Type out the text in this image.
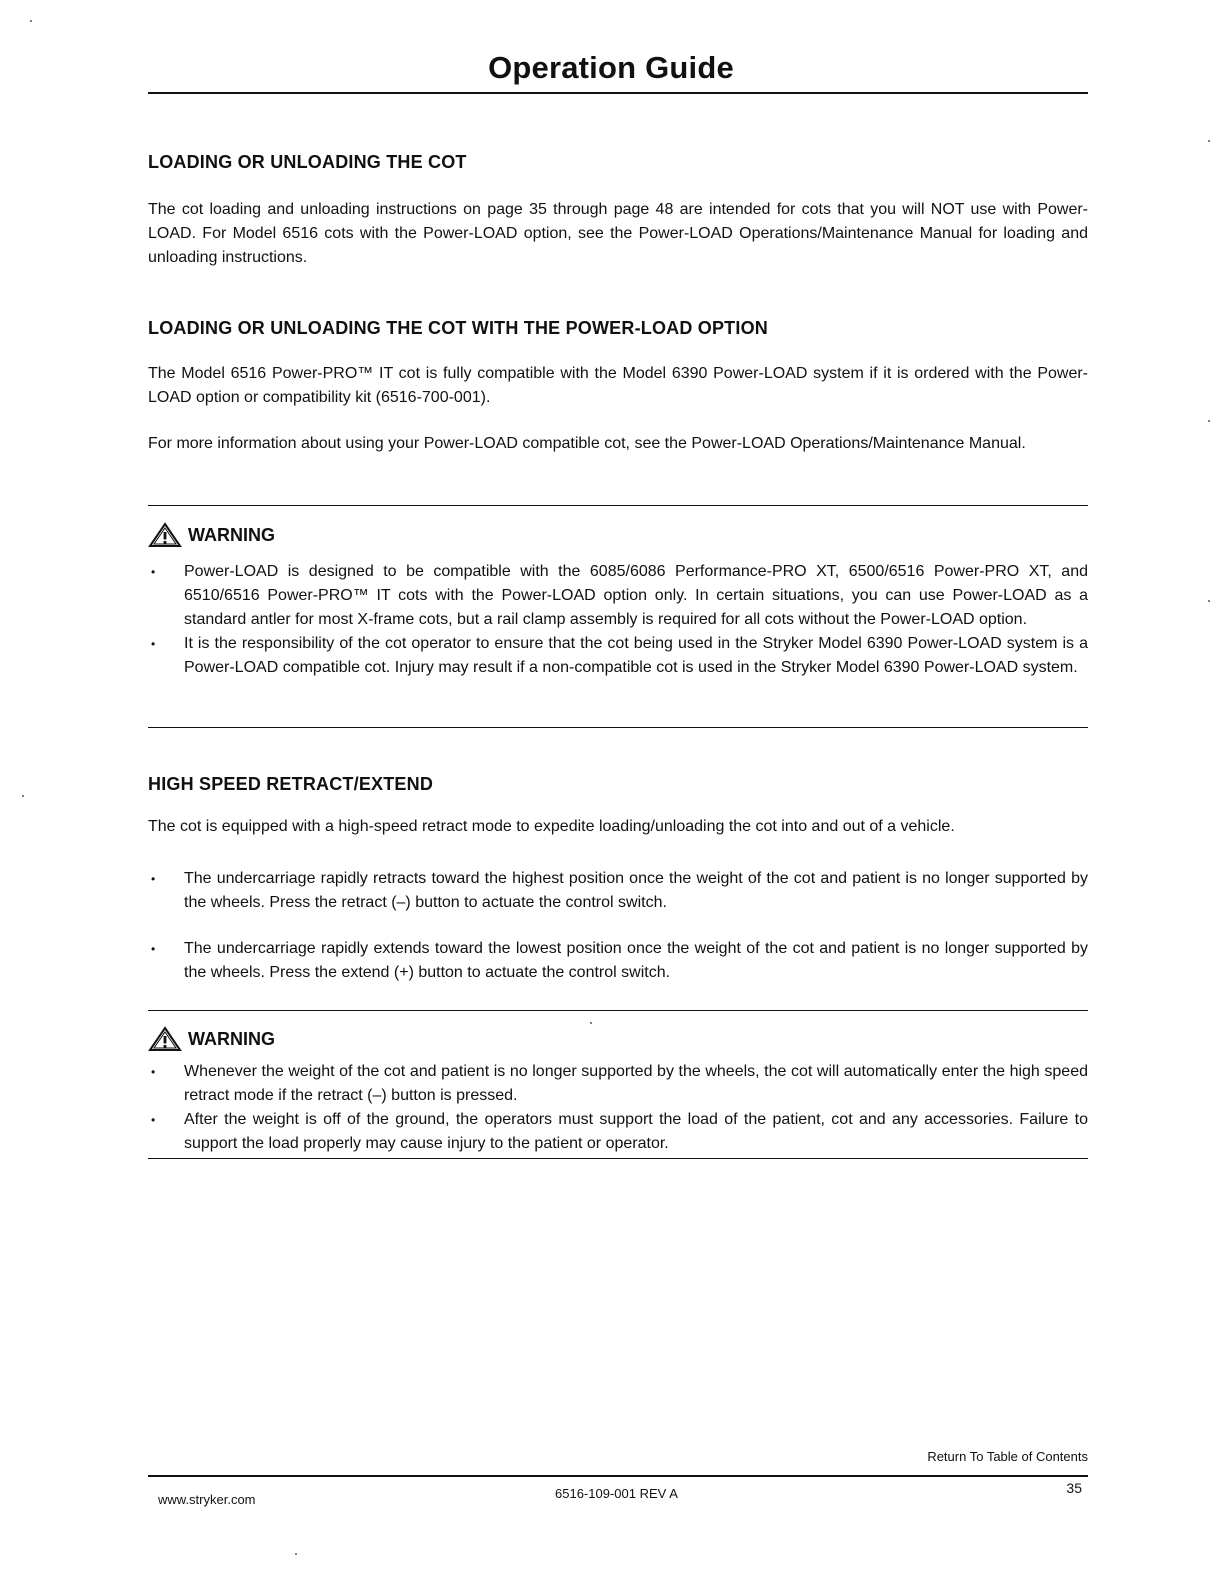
Operation Guide
LOADING OR UNLOADING THE COT
The cot loading and unloading instructions on page 35 through page 48 are intended for cots that you will NOT use with Power-LOAD. For Model 6516 cots with the Power-LOAD option, see the Power-LOAD Operations/Maintenance Manual for loading and unloading instructions.
LOADING OR UNLOADING THE COT WITH THE POWER-LOAD OPTION
The Model 6516 Power-PRO™ IT cot is fully compatible with the Model 6390 Power-LOAD system if it is ordered with the Power-LOAD option or compatibility kit (6516-700-001).
For more information about using your Power-LOAD compatible cot, see the Power-LOAD Operations/Maintenance Manual.
WARNING
• Power-LOAD is designed to be compatible with the 6085/6086 Performance-PRO XT, 6500/6516 Power-PRO XT, and 6510/6516 Power-PRO™ IT cots with the Power-LOAD option only. In certain situations, you can use Power-LOAD as a standard antler for most X-frame cots, but a rail clamp assembly is required for all cots without the Power-LOAD option.
• It is the responsibility of the cot operator to ensure that the cot being used in the Stryker Model 6390 Power-LOAD system is a Power-LOAD compatible cot. Injury may result if a non-compatible cot is used in the Stryker Model 6390 Power-LOAD system.
HIGH SPEED RETRACT/EXTEND
The cot is equipped with a high-speed retract mode to expedite loading/unloading the cot into and out of a vehicle.
• The undercarriage rapidly retracts toward the highest position once the weight of the cot and patient is no longer supported by the wheels. Press the retract (–) button to actuate the control switch.
• The undercarriage rapidly extends toward the lowest position once the weight of the cot and patient is no longer supported by the wheels. Press the extend (+) button to actuate the control switch.
WARNING
• Whenever the weight of the cot and patient is no longer supported by the wheels, the cot will automatically enter the high speed retract mode if the retract (–) button is pressed.
• After the weight is off of the ground, the operators must support the load of the patient, cot and any accessories. Failure to support the load properly may cause injury to the patient or operator.
Return To Table of Contents
www.stryker.com	6516-109-001 REV A	35
